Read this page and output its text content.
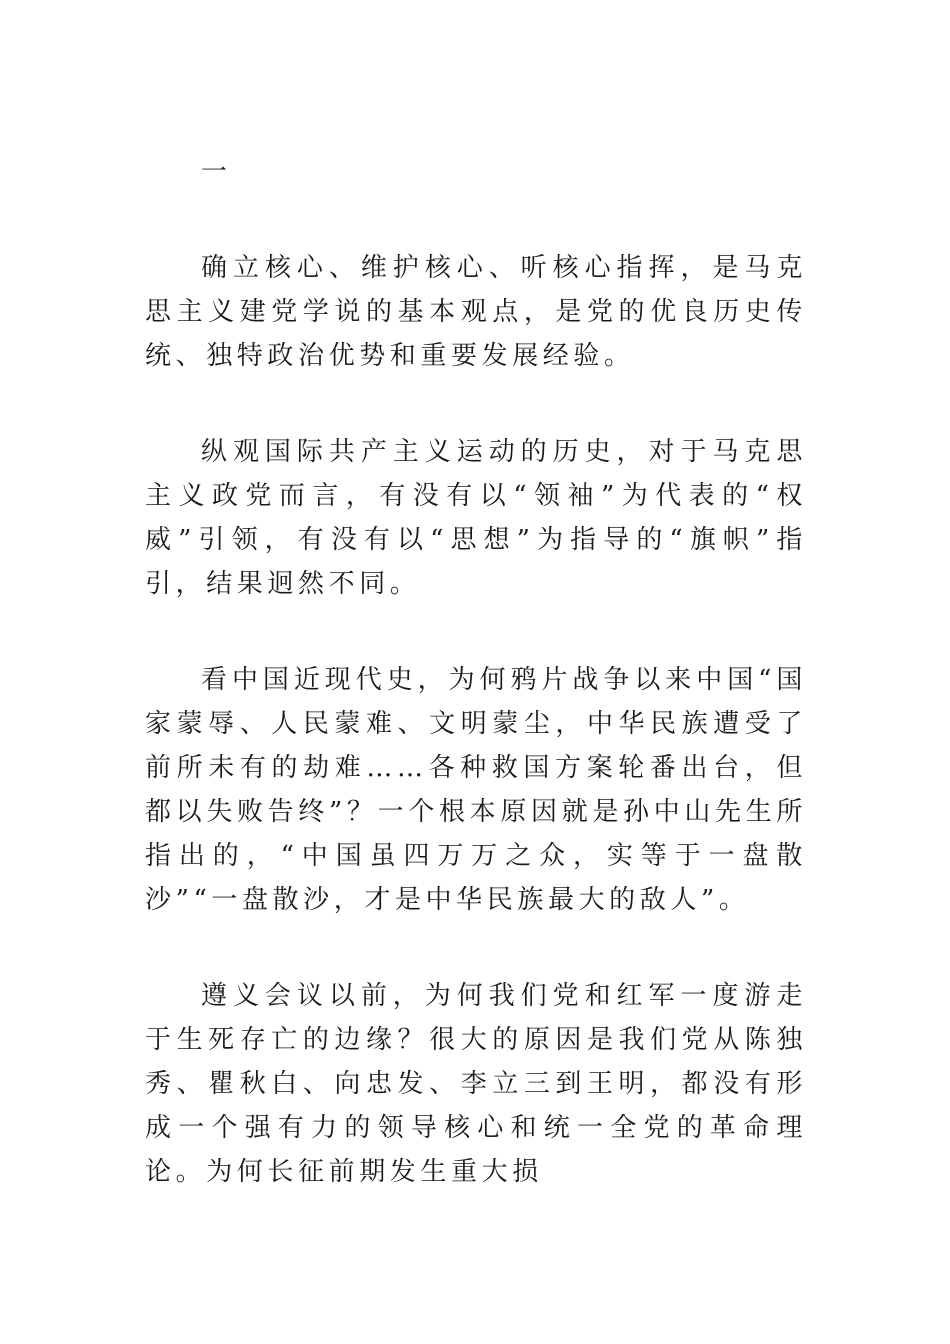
一

确立核心、维护核心、听核心指挥，是马克思主义建党学说的基本观点，是党的优良历史传统、独特政治优势和重要发展经验。

纵观国际共产主义运动的历史，对于马克思主义政党而言，有没有以“领袖”为代表的“权威”引领，有没有以“思想”为指导的“旗帜”指引，结果迥然不同。

看中国近现代史，为何鸦片战争以来中国“国家蒙辱、人民蒙难、文明蒙尘，中华民族遭受了前所未有的劫难……各种救国方案轮番出台，但都以失败告终”？一个根本原因就是孙中山先生所指出的，“中国虽四万万之众，实等于一盘散沙”“一盘散沙，才是中华民族最大的敌人”。

遵义会议以前，为何我们党和红军一度游走于生死存亡的边缘？很大的原因是我们党从陈独秀、瞿秋白、向忠发、李立三到王明，都没有形成一个强有力的领导核心和统一全党的革命理论。为何长征前期发生重大损
